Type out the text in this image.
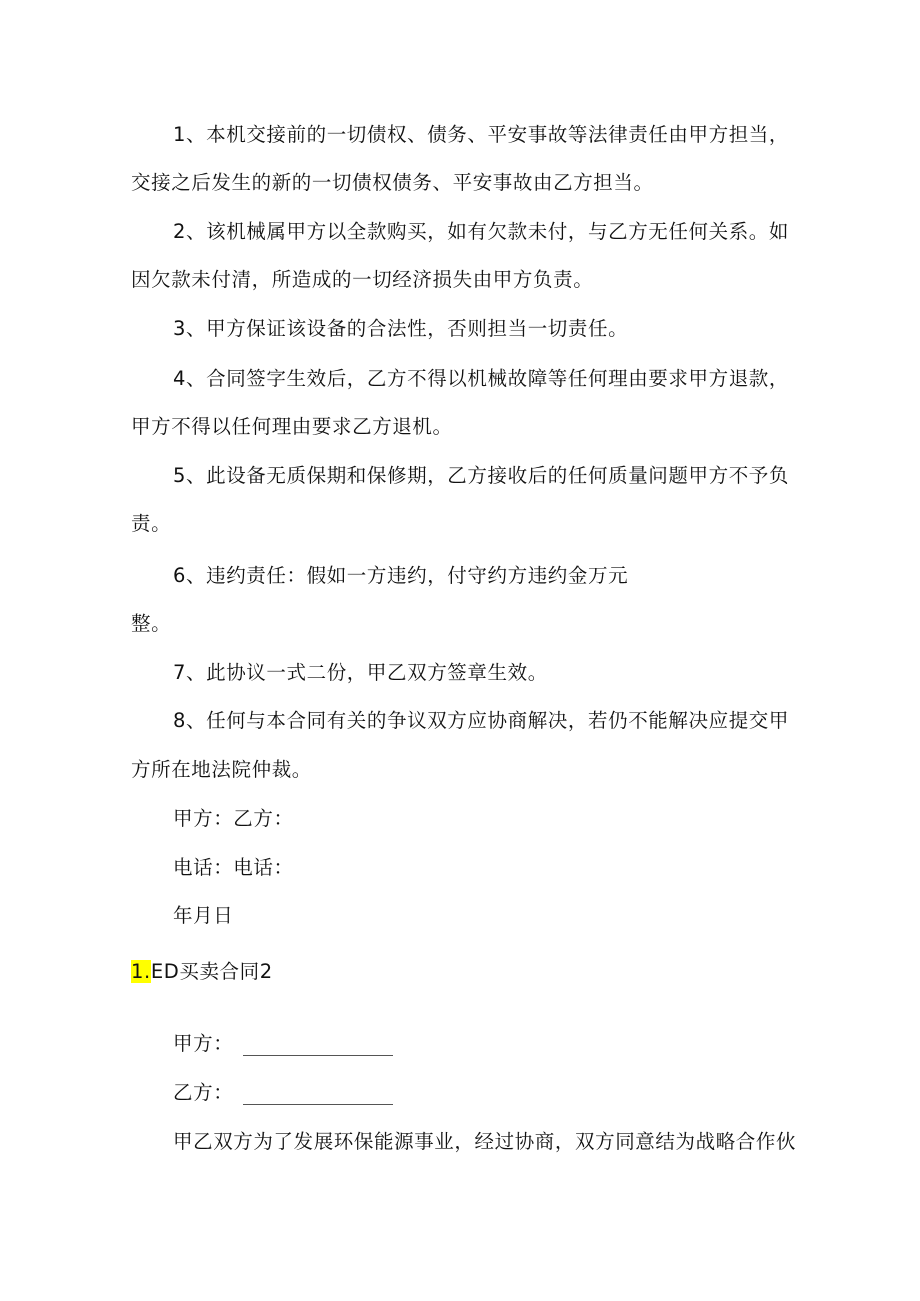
1、本机交接前的一切债权、债务、平安事故等法律责任由甲方担当，
交接之后发生的新的一切债权债务、平安事故由乙方担当。
2、该机械属甲方以全款购买，如有欠款未付，与乙方无任何关系。如
因欠款未付清，所造成的一切经济损失由甲方负责。
3、甲方保证该设备的合法性，否则担当一切责任。
4、合同签字生效后，乙方不得以机械故障等任何理由要求甲方退款，
甲方不得以任何理由要求乙方退机。
5、此设备无质保期和保修期，乙方接收后的任何质量问题甲方不予负
责。
6、违约责任：假如一方违约，付守约方违约金万元
整。
7、此协议一式二份，甲乙双方签章生效。
8、任何与本合同有关的争议双方应协商解决，若仍不能解决应提交甲
方所在地法院仲裁。
甲方：乙方：
电话：电话：
年月日
1.ED买卖合同2
甲方：
乙方：
甲乙双方为了发展环保能源事业，经过协商，双方同意结为战略合作伙
